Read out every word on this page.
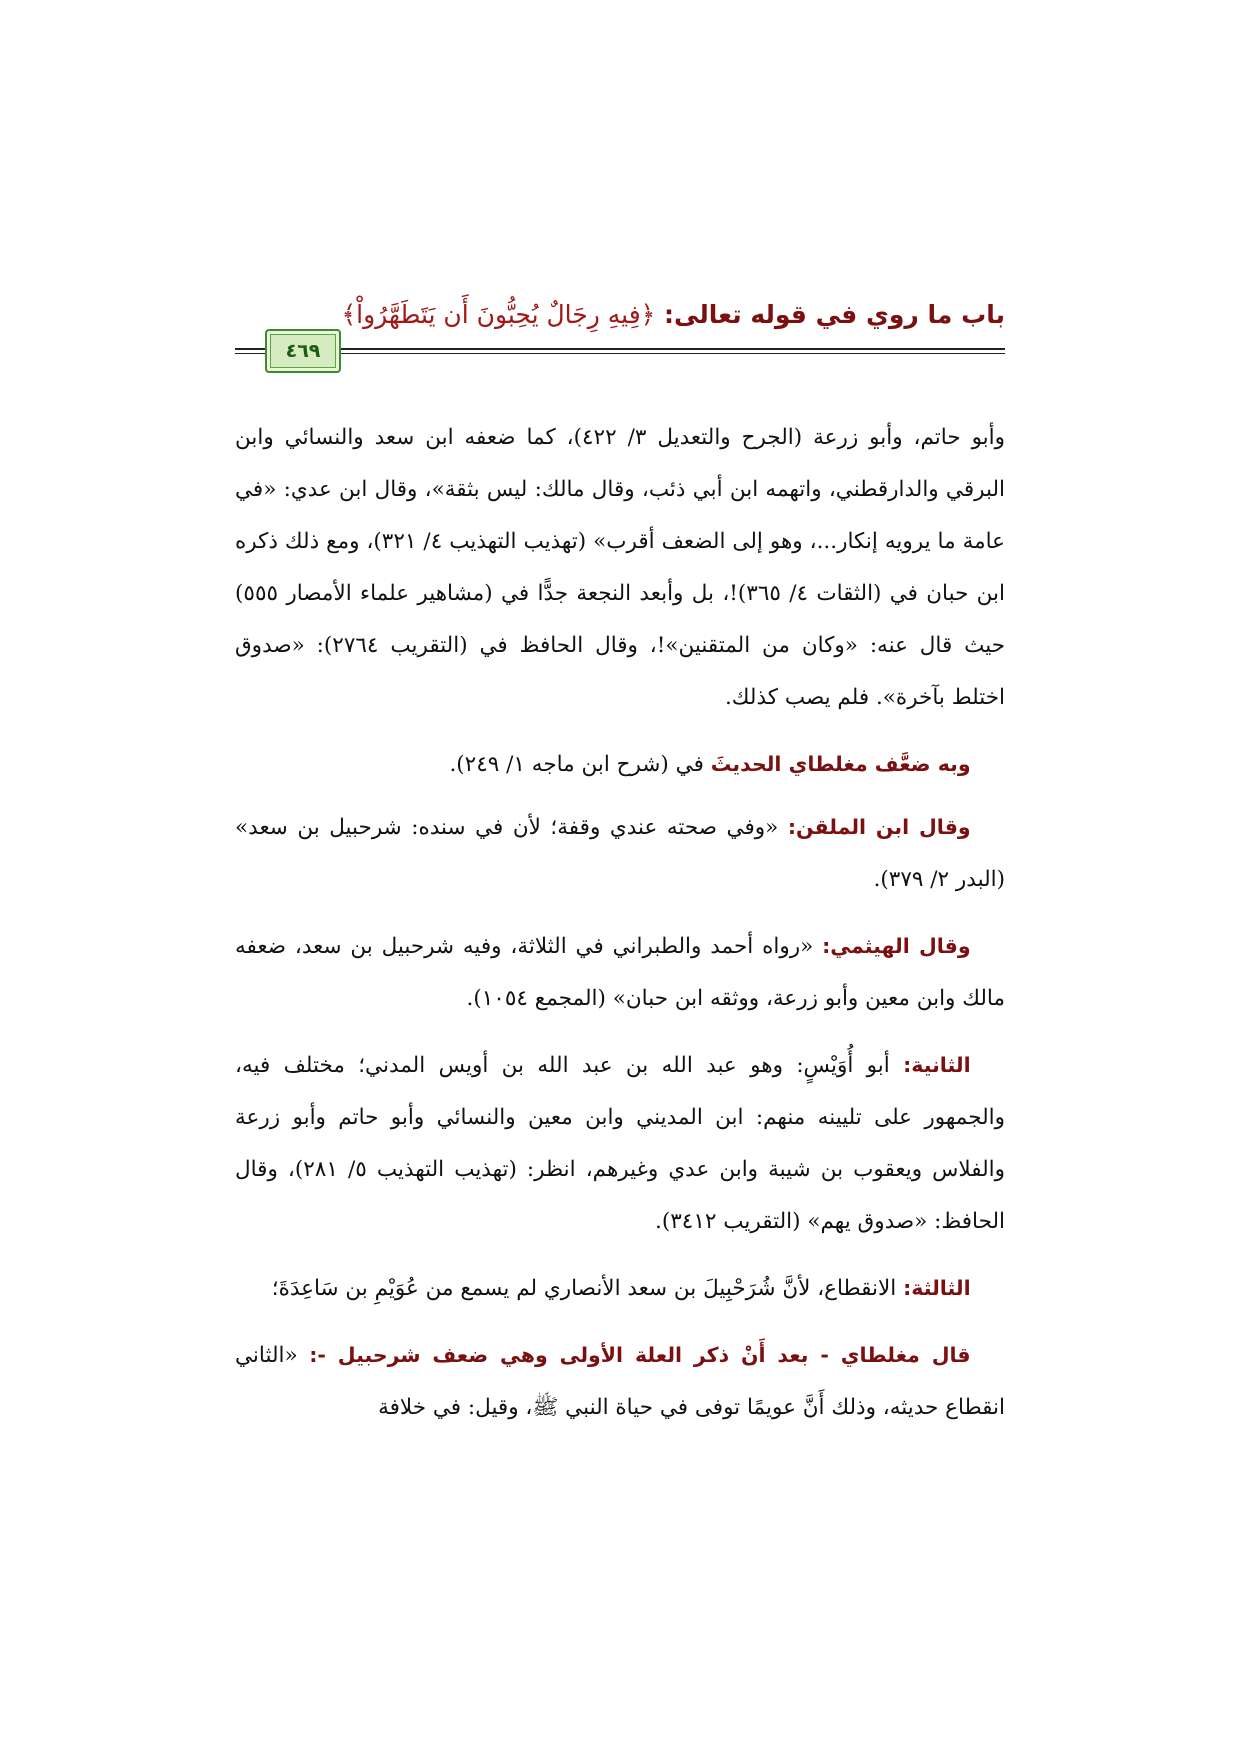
باب ما روي في قوله تعالى: ﴿فِيهِ رِجَالٌ يُحِبُّونَ أَن يَتَطَهَّرُواْ﴾
٤٦٩

وأبو حاتم، وأبو زرعة (الجرح والتعديل ٣/ ٤٢٢)، كما ضعفه ابن سعد والنسائي وابن البرقي والدارقطني، واتهمه ابن أبي ذئب، وقال مالك: ليس بثقة»، وقال ابن عدي: «في عامة ما يرويه إنكار...، وهو إلى الضعف أقرب» (تهذيب التهذيب ٤/ ٣٢١)، ومع ذلك ذكره ابن حبان في (الثقات ٤/ ٣٦٥)!، بل وأبعد النجعة جدًّا في (مشاهير علماء الأمصار ٥٥٥) حيث قال عنه: «وكان من المتقنين»!، وقال الحافظ في (التقريب ٢٧٦٤): «صدوق اختلط بآخرة». فلم يصب كذلك.

وبه ضعَّف مغلطاي الحديثَ في (شرح ابن ماجه ١/ ٢٤٩).

وقال ابن الملقن: «وفي صحته عندي وقفة؛ لأن في سنده: شرحبيل بن سعد» (البدر ٢/ ٣٧٩).

وقال الهيثمي: «رواه أحمد والطبراني في الثلاثة، وفيه شرحبيل بن سعد، ضعفه مالك وابن معين وأبو زرعة، ووثقه ابن حبان» (المجمع ١٠٥٤).

الثانية: أبو أُوَيْسٍ: وهو عبد الله بن عبد الله بن أويس المدني؛ مختلف فيه، والجمهور على تليينه منهم: ابن المديني وابن معين والنسائي وأبو حاتم وأبو زرعة والفلاس ويعقوب بن شيبة وابن عدي وغيرهم، انظر: (تهذيب التهذيب ٥/ ٢٨١)، وقال الحافظ: «صدوق يهم» (التقريب ٣٤١٢).

الثالثة: الانقطاع، لأنَّ شُرَحْبِيلَ بن سعد الأنصاري لم يسمع من عُوَيْمِ بن سَاعِدَةَ؛

قال مغلطاي - بعد أَنْ ذكر العلة الأولى وهي ضعف شرحبيل -: «الثاني انقطاع حديثه، وذلك أَنَّ عويمًا توفى في حياة النبي ﷺ، وقيل: في خلافة
